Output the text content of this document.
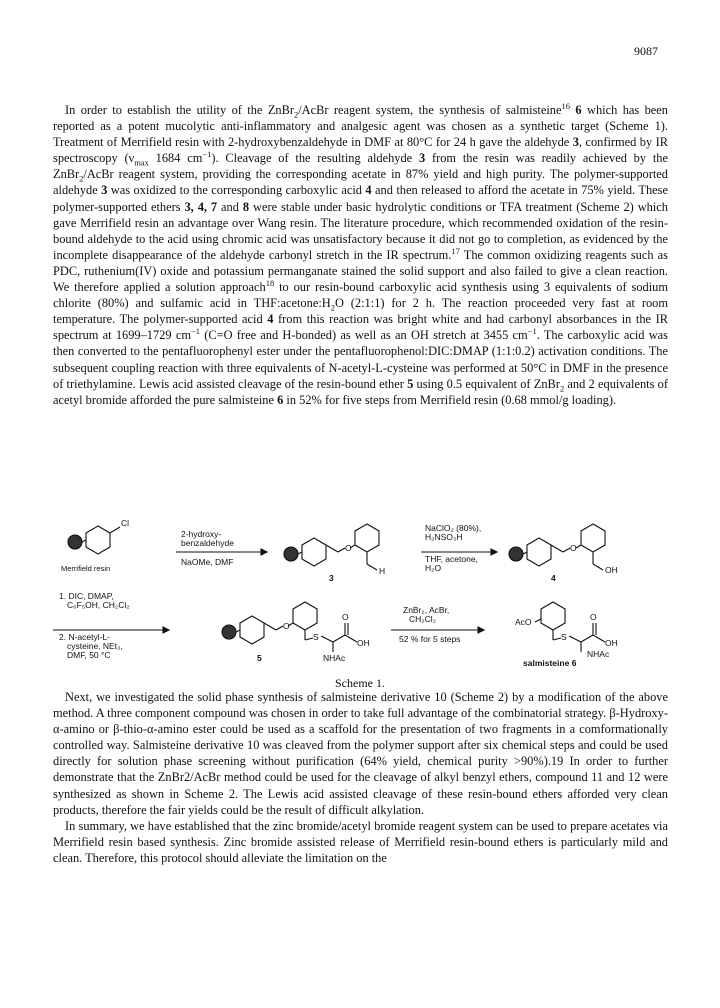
9087

In order to establish the utility of the ZnBr$_2$/AcBr reagent system, the synthesis of salmisteine$^{16}$ 6 which has been reported as a potent mucolytic anti-inflammatory and analgesic agent was chosen as a synthetic target (Scheme 1). Treatment of Merrifield resin with 2-hydroxybenzaldehyde in DMF at 80°C for 24 h gave the aldehyde 3, confirmed by IR spectroscopy ($\nu_{max}$ 1684 $cm^{-1}$). Cleavage of the resulting aldehyde 3 from the resin was readily achieved by the ZnBr$_2$/AcBr reagent system, providing the corresponding acetate in 87% yield and high purity. The polymer-supported aldehyde 3 was oxidized to the corresponding carboxylic acid 4 and then released to afford the acetate in 75% yield. These polymer-supported ethers 3, 4, 7 and 8 were stable under basic hydrolytic conditions or TFA treatment (Scheme 2) which gave Merrifield resin an advantage over Wang resin. The literature procedure, which recommended oxidation of the resin-bound aldehyde to the acid using chromic acid was unsatisfactory because it did not go to completion, as evidenced by the incomplete disappearance of the aldehyde carbonyl stretch in the IR spectrum.$^{17}$ The common oxidizing reagents such as PDC, ruthenium(IV) oxide and potassium permanganate stained the solid support and also failed to give a clean reaction. We therefore applied a solution approach$^{18}$ to our resin-bound carboxylic acid synthesis using 3 equivalents of sodium chlorite (80%) and sulfamic acid in $THF:acetone:H_2O$ (2:1:1) for 2 h. The reaction proceeded very fast at room temperature. The polymer-supported acid 4 from this reaction was bright white and had carbonyl absorbances in the IR spectrum at 1699–1729 $cm^{-1}$ (C=O free and H-bonded) as well as an OH stretch at 3455 $cm^{-1}$. The carboxylic acid was then converted to the pentafluorophenyl ester under the pentafluorophenol:DIC:DMAP (1:1:0.2) activation conditions. The subsequent coupling reaction with three equivalents of N-acetyl-L-cysteine was performed at 50°C in DMF in the presence of triethylamine. Lewis acid assisted cleavage of the resin-bound ether 5 using 0.5 equivalent of ZnBr$_2$ and 2 equivalents of acetyl bromide afforded the pure salmisteine 6 in 52% for five steps from Merrifield resin (0.68 mmol/g loading).

Cl
2-hydroxy-
benzaldehyde
NaOMe, DMF
Merrifield resin
O
H
3
NaClO₂ (80%),
H₂NSO₃H
THF, acetone,
H₂O
O
OH
4
1. DIC, DMAP,
C₆F₅OH, CH₂Cl₂
2. N-acetyl-L-
cysteine, NEt₃,
DMF, 50 °C
O
S
O
OH
NHAc
5
ZnBr₂, AcBr,
CH₂Cl₂
52 % for 5 steps
AcO
S
O
OH
NHAc
salmisteine 6
Scheme 1.

Next, we investigated the solid phase synthesis of salmisteine derivative 10 (Scheme 2) by a modification of the above method. A three component compound was chosen in order to take full advantage of the combinatorial strategy. β-Hydroxy-α-amino or β-thio-α-amino ester could be used as a scaffold for the presentation of two fragments in a comformationally controlled way. Salmisteine derivative 10 was cleaved from the polymer support after six chemical steps and could be used directly for solution phase screening without purification (64% yield, chemical purity >90%).19 In order to further demonstrate that the ZnBr2/AcBr method could be used for the cleavage of alkyl benzyl ethers, compound 11 and 12 were synthesized as shown in Scheme 2. The Lewis acid assisted cleavage of these resin-bound ethers afforded very clean products, therefore the fair yields could be the result of difficult alkylation.

In summary, we have established that the zinc bromide/acetyl bromide reagent system can be used to prepare acetates via Merrifield resin based synthesis. Zinc bromide assisted release of Merrifield resin-bound ethers is particularly mild and clean. Therefore, this protocol should alleviate the limitation on the
